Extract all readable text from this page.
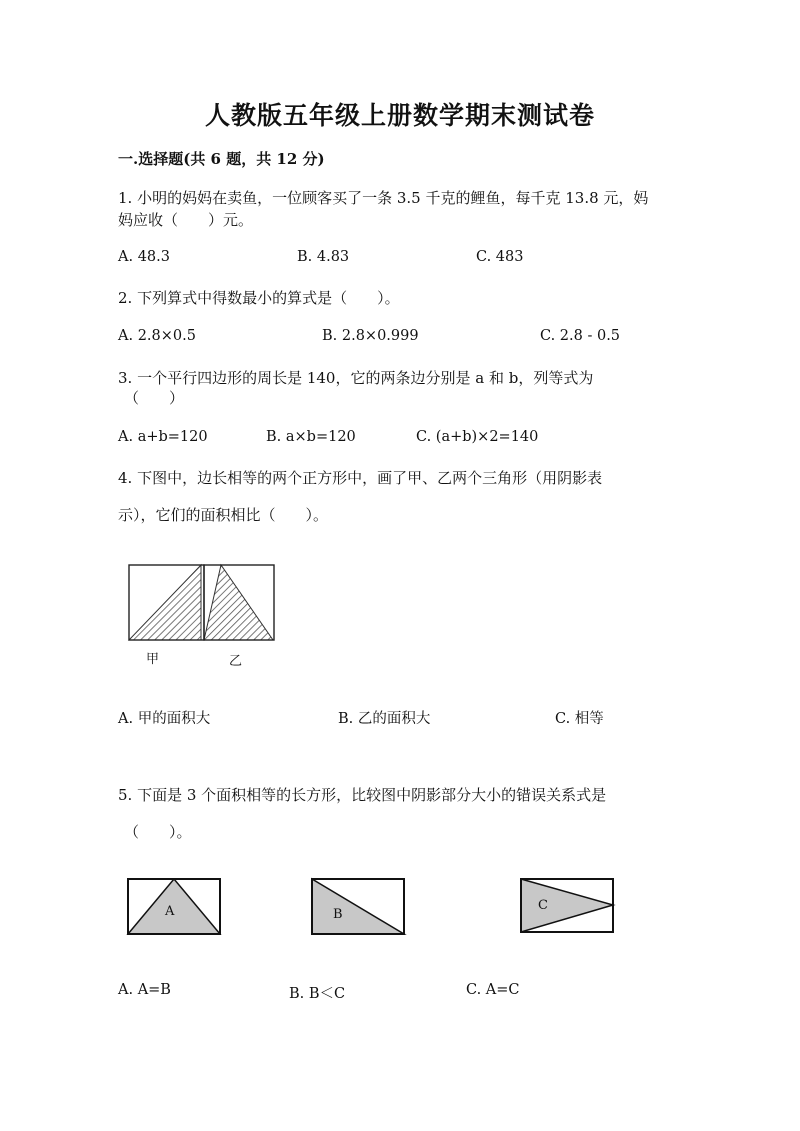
人教版五年级上册数学期末测试卷
一.选择题(共 6 题，共 12 分)
1. 小明的妈妈在卖鱼，一位顾客买了一条 3.5 千克的鲤鱼，每千克 13.8 元，妈
妈应收（　　）元。
A. 48.3	B. 4.83	C. 483
2. 下列算式中得数最小的算式是（　　）。
A. 2.8×0.5	B. 2.8×0.999	C. 2.8 - 0.5
3. 一个平行四边形的周长是 140，它的两条边分别是 a 和 b，列等式为
（　　）
A. a+b=120	B. a×b=120	C. (a+b)×2=140
4. 下图中，边长相等的两个正方形中，画了甲、乙两个三角形（用阴影表
示），它们的面积相比（　　）。
甲	乙
A. 甲的面积大	B. 乙的面积大	C. 相等
5. 下面是 3 个面积相等的长方形，比较图中阴影部分大小的错误关系式是
（　　）。
A	B
C
A. A=B	B. B＜C	C. A=C
